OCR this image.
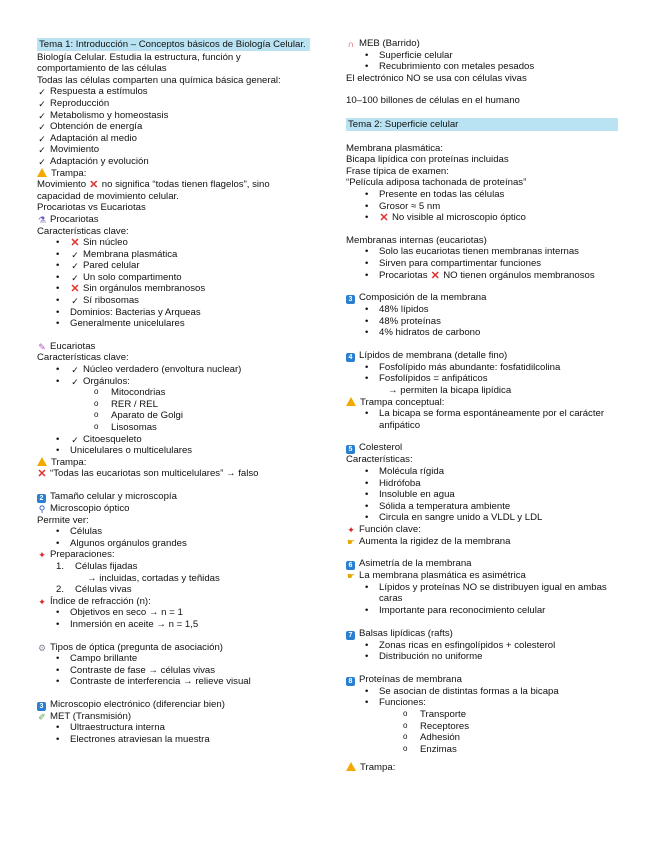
Tema 1: Introducción – Conceptos básicos de Biología Celular.
Biología Celular. Estudia la estructura, función y comportamiento de las células
Todas las células comparten una química básica general:
✓ Respuesta a estímulos
✓ Reproducción
✓ Metabolismo y homeostasis
✓ Obtención de energía
✓ Adaptación al medio
✓ Movimiento
✓ Adaptación y evolución
Trampa:
Movimiento ✕ no significa “todas tienen flagelos”, sino capacidad de movimiento celular.
Procariotas vs Eucariotas
⚗ Procariotas
Características clave:
• ✕ Sin núcleo
• ✓ Membrana plasmática
• ✓ Pared celular
• ✓ Un solo compartimento
• ✕ Sin orgánulos membranosos
• ✓ Sí ribosomas
• Dominios: Bacterias y Arqueas
• Generalmente unicelulares
✎ Eucariotas
Características clave:
• ✓ Núcleo verdadero (envoltura nuclear)
• ✓ Orgánulos:
o Mitocondrias
o RER / REL
o Aparato de Golgi
o Lisosomas
• ✓ Citoesqueleto
• Unicelulares o multicelulares
Trampa:
✕ “Todas las eucariotas son multicelulares” → falso
2 Tamaño celular y microscopía
⚲ Microscopio óptico
Permite ver:
• Células
• Algunos orgánulos grandes
✦ Preparaciones:
1. Células fijadas
→ incluidas, cortadas y teñidas
2. Células vivas
✦ Índice de refracción (n):
• Objetivos en seco → n = 1
• Inmersión en aceite → n = 1,5
⚙ Tipos de óptica (pregunta de asociación)
• Campo brillante
• Contraste de fase → células vivas
• Contraste de interferencia → relieve visual
3 Microscopio electrónico (diferenciar bien)
✐ MET (Transmisión)
• Ultraestructura interna
• Electrones atraviesan la muestra
∩ MEB (Barrido)
• Superficie celular
• Recubrimiento con metales pesados
El electrónico NO se usa con células vivas
10–100 billones de células en el humano
Tema 2: Superficie celular
Membrana plasmática:
Bicapa lipídica con proteínas incluidas
Frase típica de examen:
“Película adiposa tachonada de proteínas”
• Presente en todas las células
• Grosor ≈ 5 nm
• ✕ No visible al microscopio óptico
Membranas internas (eucariotas)
• Solo las eucariotas tienen membranas internas
• Sirven para compartimentar funciones
• Procariotas ✕ NO tienen orgánulos membranosos
3 Composición de la membrana
• 48% lípidos
• 48% proteínas
• 4% hidratos de carbono
4 Lípidos de membrana (detalle fino)
• Fosfolípido más abundante: fosfatidilcolina
• Fosfolípidos = anfipáticos
→ permiten la bicapa lipídica
Trampa conceptual:
• La bicapa se forma espontáneamente por el carácter anfipático
5 Colesterol
Características:
• Molécula rígida
• Hidrófoba
• Insoluble en agua
• Sólida a temperatura ambiente
• Circula en sangre unido a VLDL y LDL
✦ Función clave:
☛ Aumenta la rigidez de la membrana
6 Asimetría de la membrana
☛ La membrana plasmática es asimétrica
• Lípidos y proteínas NO se distribuyen igual en ambas caras
• Importante para reconocimiento celular
7 Balsas lipídicas (rafts)
• Zonas ricas en esfingolípidos + colesterol
• Distribución no uniforme
8 Proteínas de membrana
• Se asocian de distintas formas a la bicapa
• Funciones:
o Transporte
o Receptores
o Adhesión
o Enzimas
Trampa:
